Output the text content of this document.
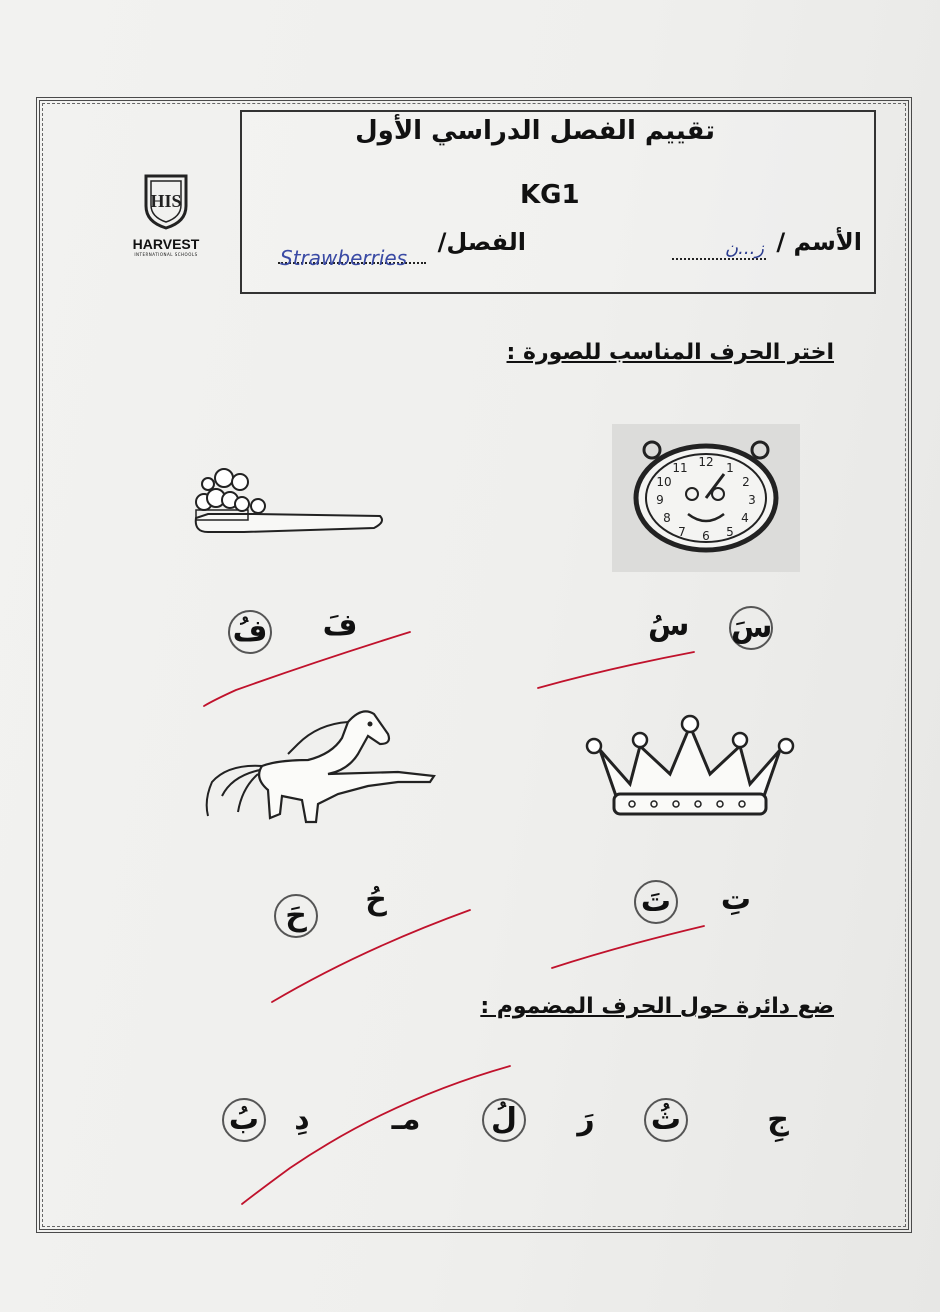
HIS
HARVEST
INTERNATIONAL SCHOOLS
تقييم الفصل الدراسي الأول
KG1
الأسم /
ز...ن
الفصل/
Strawberries
اختر الحرف المناسب للصورة :
12 1
2
3
4
5
6
7
8
9
10
11
سَ
سُ
فُ فَ
تَ تِ
حَ	حُ
ضع دائرة حول الحرف المضموم :
بُ	دِ	مـ لُ	رَ	ثُ	جِ
